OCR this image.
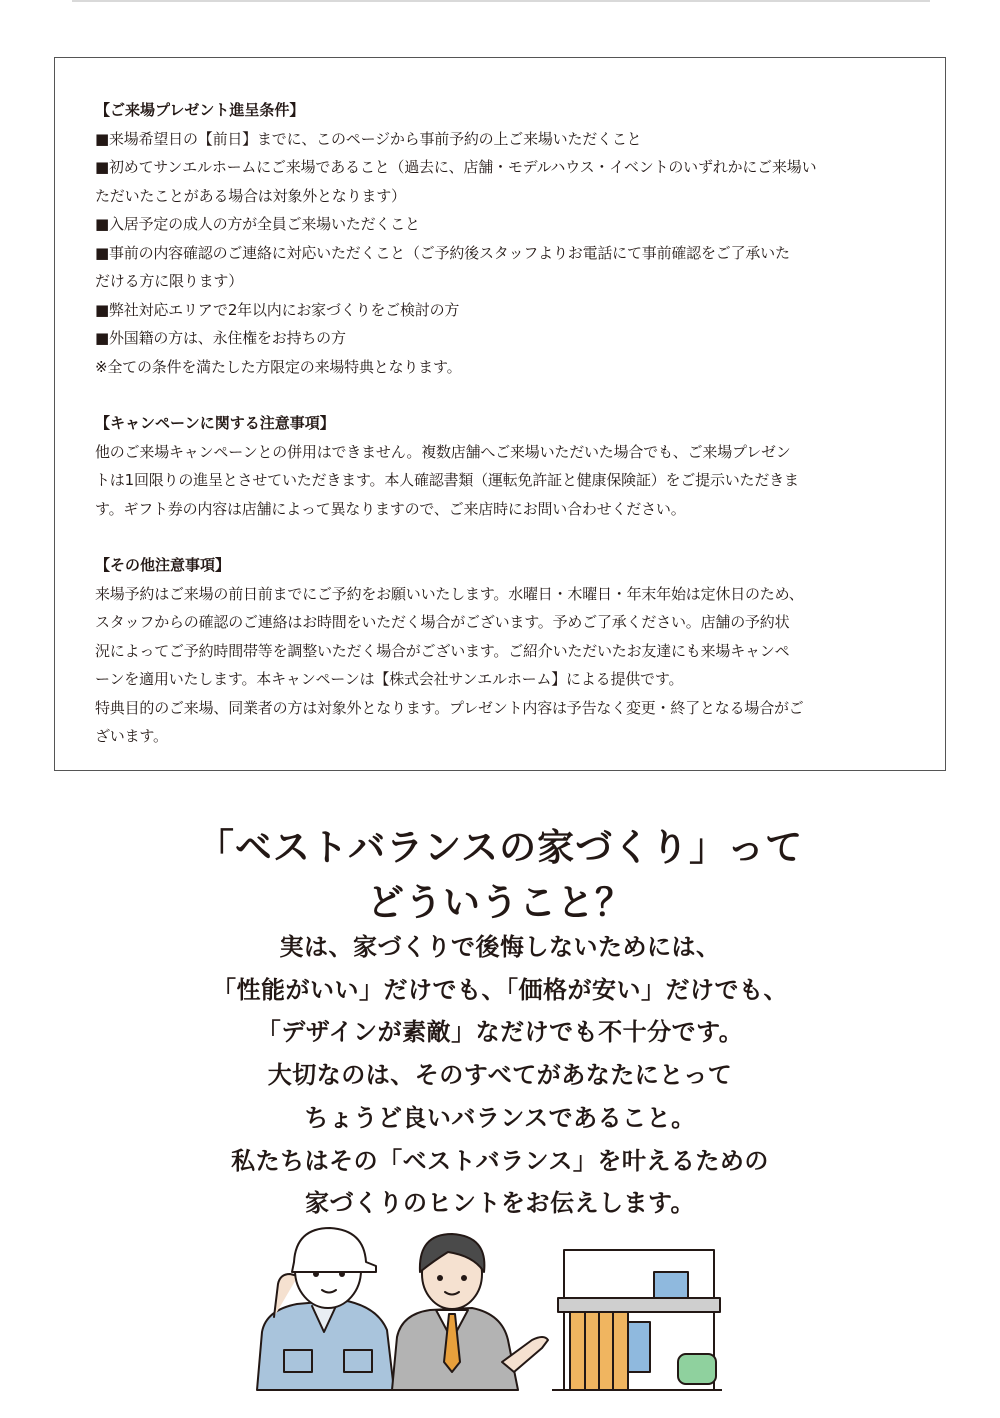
【ご来場プレゼント進呈条件】

■来場希望日の【前日】までに、このページから事前予約の上ご来場いただくこと

■初めてサンエルホームにご来場であること（過去に、店舗・モデルハウス・イベントのいずれかにご来場い

ただいたことがある場合は対象外となります）

■入居予定の成人の方が全員ご来場いただくこと

■事前の内容確認のご連絡に対応いただくこと（ご予約後スタッフよりお電話にて事前確認をご了承いた

だける方に限ります）

■弊社対応エリアで2年以内にお家づくりをご検討の方

■外国籍の方は、永住権をお持ちの方

※全ての条件を満たした方限定の来場特典となります。

【キャンペーンに関する注意事項】

他のご来場キャンペーンとの併用はできません。複数店舗へご来場いただいた場合でも、ご来場プレゼン

トは1回限りの進呈とさせていただきます。本人確認書類（運転免許証と健康保険証）をご提示いただきま

す。ギフト券の内容は店舗によって異なりますので、ご来店時にお問い合わせください。

【その他注意事項】

来場予約はご来場の前日前までにご予約をお願いいたします。水曜日・木曜日・年末年始は定休日のため、

スタッフからの確認のご連絡はお時間をいただく場合がございます。予めご了承ください。店舗の予約状

況によってご予約時間帯等を調整いただく場合がございます。ご紹介いただいたお友達にも来場キャンペ

ーンを適用いたします。本キャンペーンは【株式会社サンエルホーム】による提供です。

特典目的のご来場、同業者の方は対象外となります。プレゼント内容は予告なく変更・終了となる場合がご

ざいます。

「ベストバランスの家づくり」って
どういうこと？

実は、家づくりで後悔しないためには、

「性能がいい」だけでも、「価格が安い」だけでも、

「デザインが素敵」なだけでも不十分です。

大切なのは、そのすべてがあなたにとって

ちょうど良いバランスであること。

私たちはその「ベストバランス」を叶えるための

家づくりのヒントをお伝えします。
